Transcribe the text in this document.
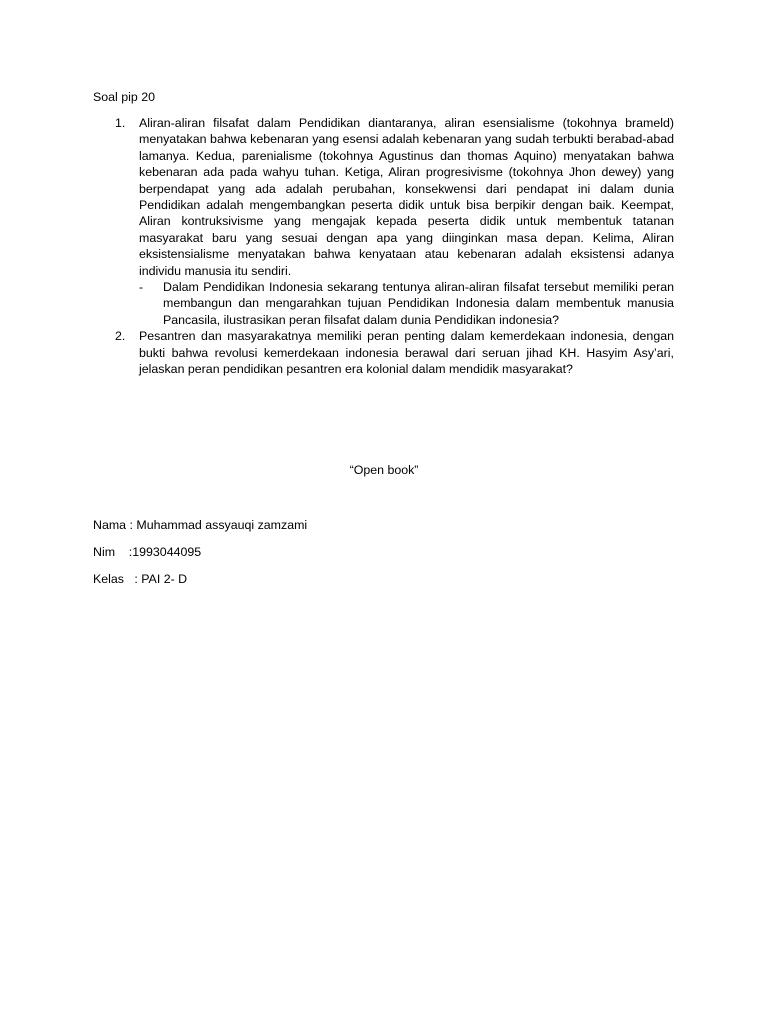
Soal pip 20
1. Aliran-aliran filsafat dalam Pendidikan diantaranya, aliran esensialisme (tokohnya brameld) menyatakan bahwa kebenaran yang esensi adalah kebenaran yang sudah terbukti berabad-abad lamanya. Kedua, parenialisme (tokohnya Agustinus dan thomas Aquino) menyatakan bahwa kebenaran ada pada wahyu tuhan. Ketiga, Aliran progresivisme (tokohnya Jhon dewey) yang berpendapat yang ada adalah perubahan, konsekwensi dari pendapat ini dalam dunia Pendidikan adalah mengembangkan peserta didik untuk bisa berpikir dengan baik. Keempat, Aliran kontruksivisme yang mengajak kepada peserta didik untuk membentuk tatanan masyarakat baru yang sesuai dengan apa yang diinginkan masa depan. Kelima, Aliran eksistensialisme menyatakan bahwa kenyataan atau kebenaran adalah eksistensi adanya individu manusia itu sendiri.

- Dalam Pendidikan Indonesia sekarang tentunya aliran-aliran filsafat tersebut memiliki peran membangun dan mengarahkan tujuan Pendidikan Indonesia dalam membentuk manusia Pancasila, ilustrasikan peran filsafat dalam dunia Pendidikan indonesia?

2. Pesantren dan masyarakatnya memiliki peran penting dalam kemerdekaan indonesia, dengan bukti bahwa revolusi kemerdekaan indonesia berawal dari seruan jihad KH. Hasyim Asy’ari, jelaskan peran pendidikan pesantren era kolonial dalam mendidik masyarakat?

“Open book”
Nama : Muhammad assyauqi zamzami
Nim    :1993044095
Kelas   : PAI 2- D
